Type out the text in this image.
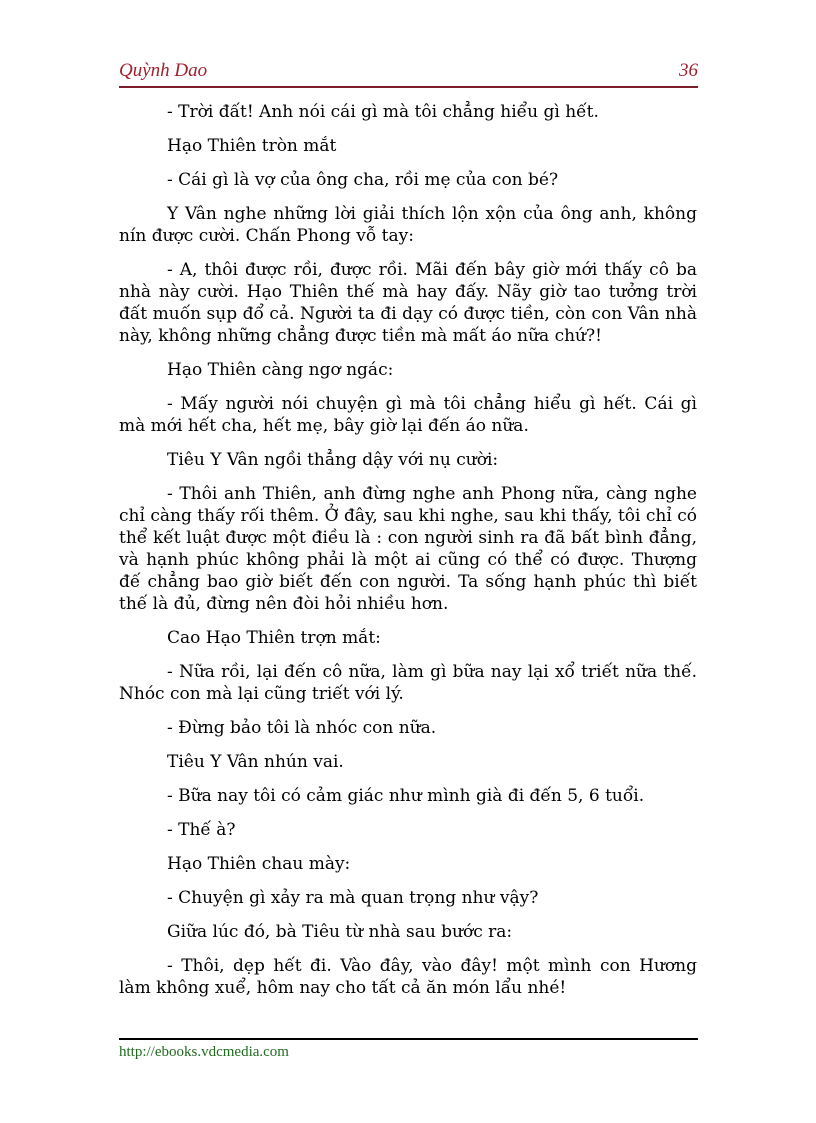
Quỳnh Dao	36

- Trời đất! Anh nói cái gì mà tôi chẳng hiểu gì hết.

Hạo Thiên tròn mắt

- Cái gì là vợ của ông cha, rồi mẹ của con bé?

Y Vân nghe những lời giải thích lộn xộn của ông anh, không nín được cười. Chấn Phong vỗ tay:

- A, thôi được rồi, được rồi. Mãi đến bây giờ mới thấy cô ba nhà này cười. Hạo Thiên thế mà hay đấy. Nãy giờ tao tưởng trời đất muốn sụp đổ cả. Người ta đi dạy có được tiền, còn con Vân nhà này, không những chẳng được tiền mà mất áo nữa chứ?!

Hạo Thiên càng ngơ ngác:

- Mấy người nói chuyện gì mà tôi chẳng hiểu gì hết. Cái gì mà mới hết cha, hết mẹ, bây giờ lại đến áo nữa.

Tiêu Y Vân ngồi thẳng dậy với nụ cười:

- Thôi anh Thiên, anh đừng nghe anh Phong nữa, càng nghe chỉ càng thấy rối thêm. Ở đây, sau khi nghe, sau khi thấy, tôi chỉ có thể kết luật được một điều là : con người sinh ra đã bất bình đẳng, và hạnh phúc không phải là một ai cũng có thể có được. Thượng đế chẳng bao giờ biết đến con người. Ta sống hạnh phúc thì biết thế là đủ, đừng nên đòi hỏi nhiều hơn.

Cao Hạo Thiên trợn mắt:

- Nữa rồi, lại đến cô nữa, làm gì bữa nay lại xổ triết nữa thế. Nhóc con mà lại cũng triết với lý.

- Đừng bảo tôi là nhóc con nữa.

Tiêu Y Vân nhún vai.

- Bữa nay tôi có cảm giác như mình già đi đến 5, 6 tuổi.

- Thế à?

Hạo Thiên chau mày:

- Chuyện gì xảy ra mà quan trọng như vậy?

Giữa lúc đó, bà Tiêu từ nhà sau bước ra:

- Thôi, dẹp hết đi. Vào đây, vào đây! một mình con Hương làm không xuể, hôm nay cho tất cả ăn món lẩu nhé!

http://ebooks.vdcmedia.com
